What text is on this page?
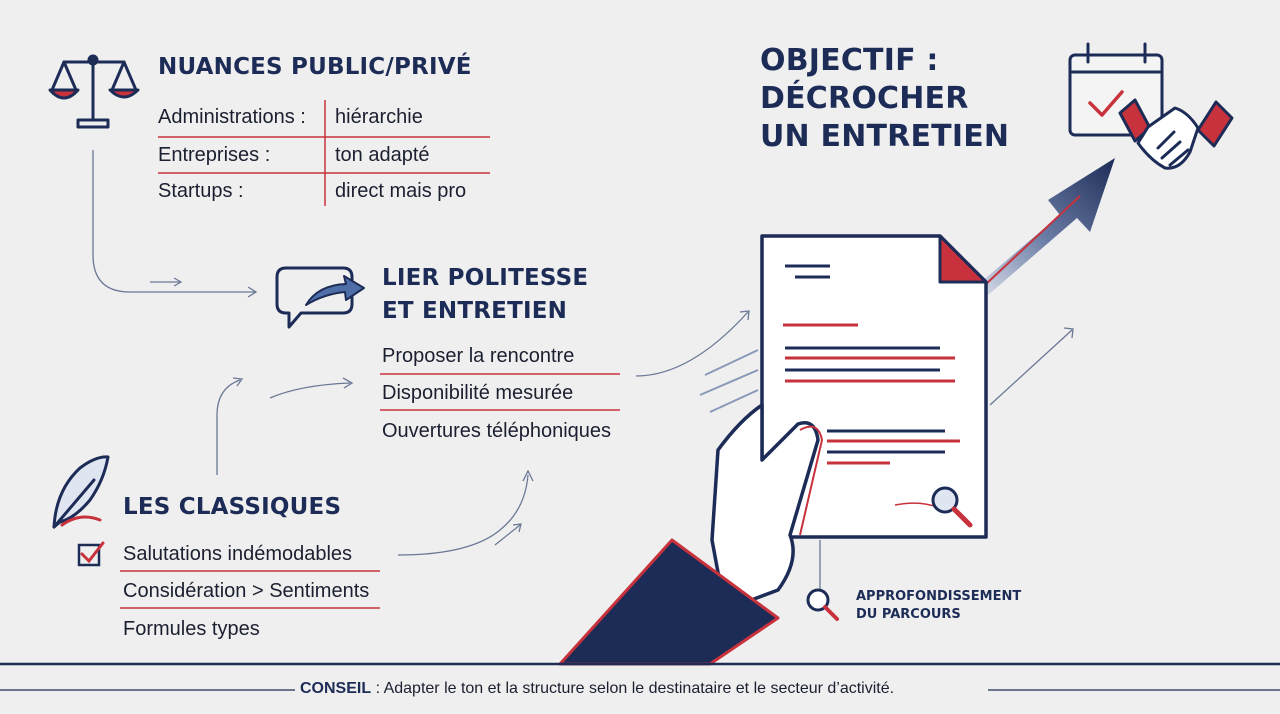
NUANCES PUBLIC/PRIVÉ
Administrations : hiérarchie
Entreprises :	ton adapté
Startups :	direct mais pro
LIER POLITESSE
ET ENTRETIEN
Proposer la rencontre
Disponibilité mesurée
Ouvertures téléphoniques
LES CLASSIQUES
Salutations indémodables
Considération > Sentiments
Formules types
OBJECTIF :
DÉCROCHER
UN ENTRETIEN
APPROFONDISSEMENT
DU PARCOURS
CONSEIL : Adapter le ton et la structure selon le destinataire et le secteur d’activité.
